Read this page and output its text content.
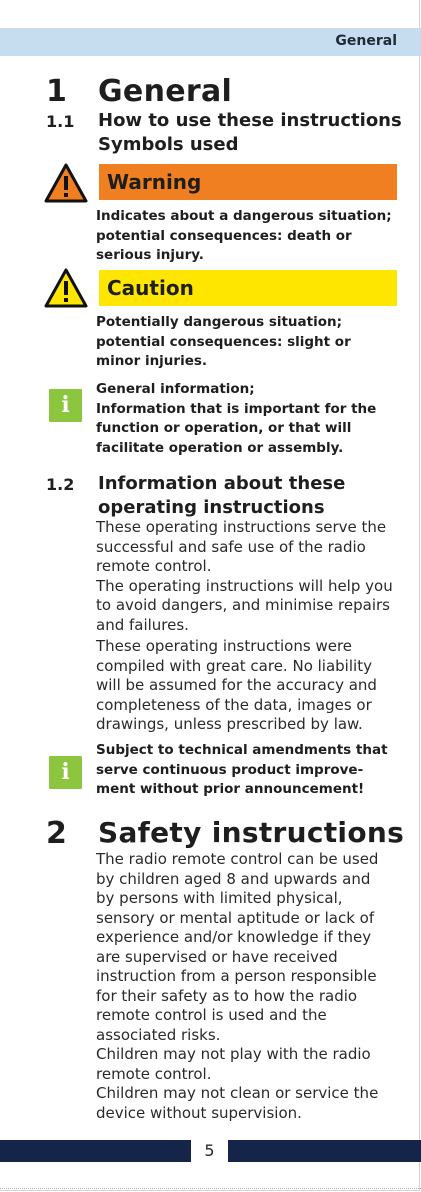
General
1 General
1.1 How to use these instructions
Symbols used
Warning
Indicates about a dangerous situation;
potential consequences: death or
serious injury.
Caution
Potentially dangerous situation;
potential consequences: slight or
minor injuries.
i
General information;
Information that is important for the
function or operation, or that will
facilitate operation or assembly.
1.2 Information about these
operating instructions
These operating instructions serve the
successful and safe use of the radio
remote control.
The operating instructions will help you
to avoid dangers, and minimise repairs
and failures.
These operating instructions were
compiled with great care. No liability
will be assumed for the accuracy and
completeness of the data, images or
drawings, unless prescribed by law.
i
Subject to technical amendments that
serve continuous product improve-
ment without prior announcement!
2 Safety instructions
The radio remote control can be used
by children aged 8 and upwards and
by persons with limited physical,
sensory or mental aptitude or lack of
experience and/or knowledge if they
are supervised or have received
instruction from a person responsible
for their safety as to how the radio
remote control is used and the
associated risks.
Children may not play with the radio
remote control.
Children may not clean or service the
device without supervision.
5
